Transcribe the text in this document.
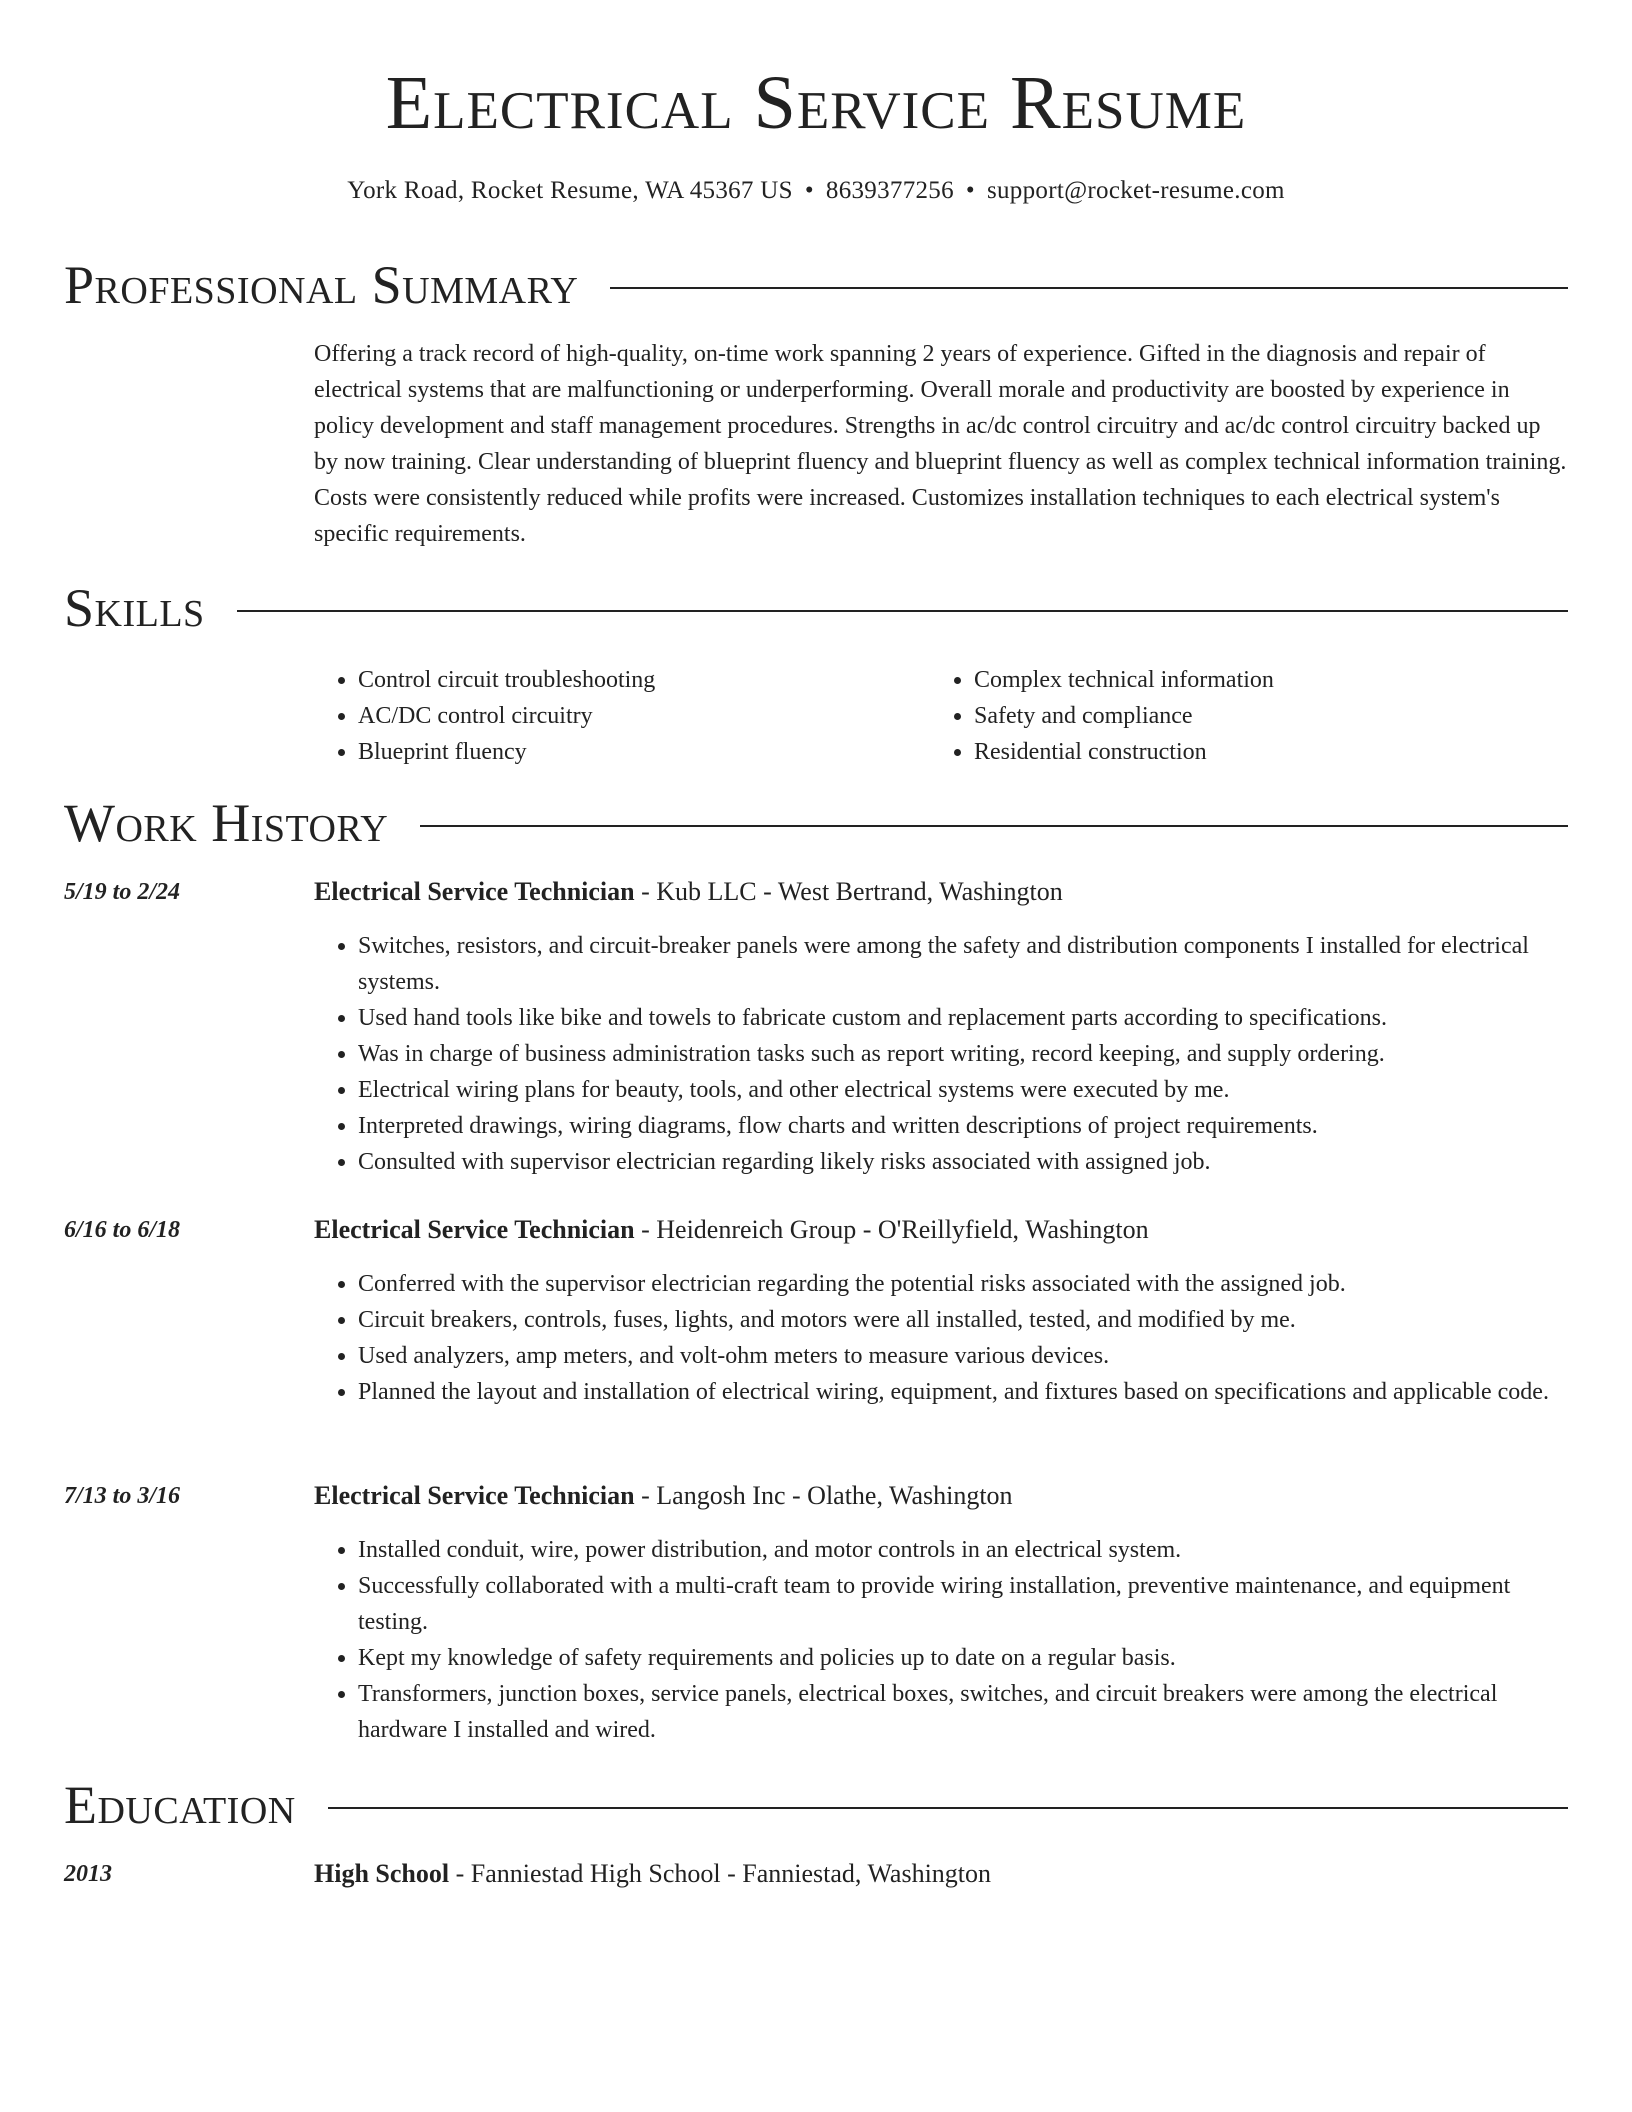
Electrical Service Resume
York Road, Rocket Resume, WA 45367 US • 8639377256 • support@rocket-resume.com
Professional Summary

Offering a track record of high-quality, on-time work spanning 2 years of experience. Gifted in the diagnosis and repair of electrical systems that are malfunctioning or underperforming. Overall morale and productivity are boosted by experience in policy development and staff management procedures. Strengths in ac/dc control circuitry and ac/dc control circuitry backed up by now training. Clear understanding of blueprint fluency and blueprint fluency as well as complex technical information training. Costs were consistently reduced while profits were increased. Customizes installation techniques to each electrical system's specific requirements.

Skills
• Control circuit troubleshooting
• AC/DC control circuitry
• Blueprint fluency
• Complex technical information
• Safety and compliance
• Residential construction
Work History
5/19 to 2/24	Electrical Service Technician - Kub LLC - West Bertrand, Washington
• Switches, resistors, and circuit-breaker panels were among the safety and distribution components I installed for electrical systems.
• Used hand tools like bike and towels to fabricate custom and replacement parts according to specifications.
• Was in charge of business administration tasks such as report writing, record keeping, and supply ordering.
• Electrical wiring plans for beauty, tools, and other electrical systems were executed by me.
• Interpreted drawings, wiring diagrams, flow charts and written descriptions of project requirements.
• Consulted with supervisor electrician regarding likely risks associated with assigned job.
6/16 to 6/18	Electrical Service Technician - Heidenreich Group - O'Reillyfield, Washington
• Conferred with the supervisor electrician regarding the potential risks associated with the assigned job.
• Circuit breakers, controls, fuses, lights, and motors were all installed, tested, and modified by me.
• Used analyzers, amp meters, and volt-ohm meters to measure various devices.
• Planned the layout and installation of electrical wiring, equipment, and fixtures based on specifications and applicable code.
7/13 to 3/16	Electrical Service Technician - Langosh Inc - Olathe, Washington
• Installed conduit, wire, power distribution, and motor controls in an electrical system.
• Successfully collaborated with a multi-craft team to provide wiring installation, preventive maintenance, and equipment testing.
• Kept my knowledge of safety requirements and policies up to date on a regular basis.
• Transformers, junction boxes, service panels, electrical boxes, switches, and circuit breakers were among the electrical hardware I installed and wired.
Education
2013	High School - Fanniestad High School - Fanniestad, Washington
